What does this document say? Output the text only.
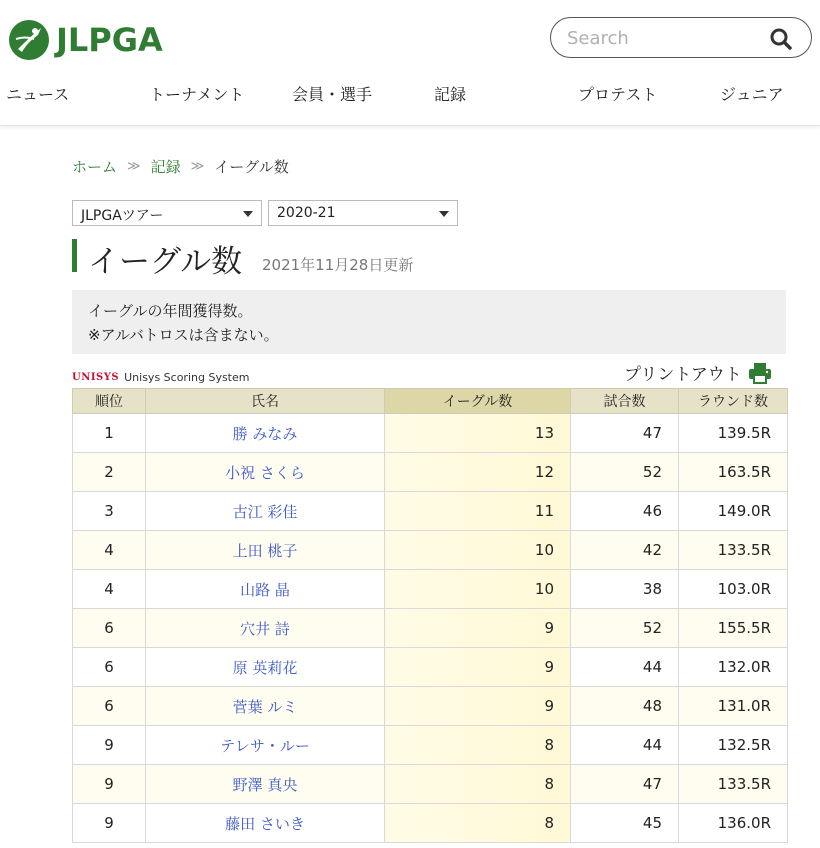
JLPGA
Search
ニュース	トーナメント	会員・選手	記録	プロテスト	ジュニア
ホーム ≫ 記録 ≫ イーグル数
JLPGAツアー	2020-21
イーグル数 2021年11月28日更新
イーグルの年間獲得数。
※アルバトロスは含まない。
UNISYS Unisys Scoring System	プリントアウト
順位	氏名	イーグル数	試合数	ラウンド数
1	勝 みなみ	13	47	139.5R
2	小祝 さくら	12	52	163.5R
3	古江 彩佳	11	46	149.0R
4	上田 桃子	10	42	133.5R
4	山路 晶	10	38	103.0R
6	穴井 詩	9	52	155.5R
6	原 英莉花	9	44	132.0R
6	菅葉 ルミ	9	48	131.0R
9	テレサ・ルー	8	44	132.5R
9	野澤 真央	8	47	133.5R
9	藤田 さいき	8	45	136.0R
